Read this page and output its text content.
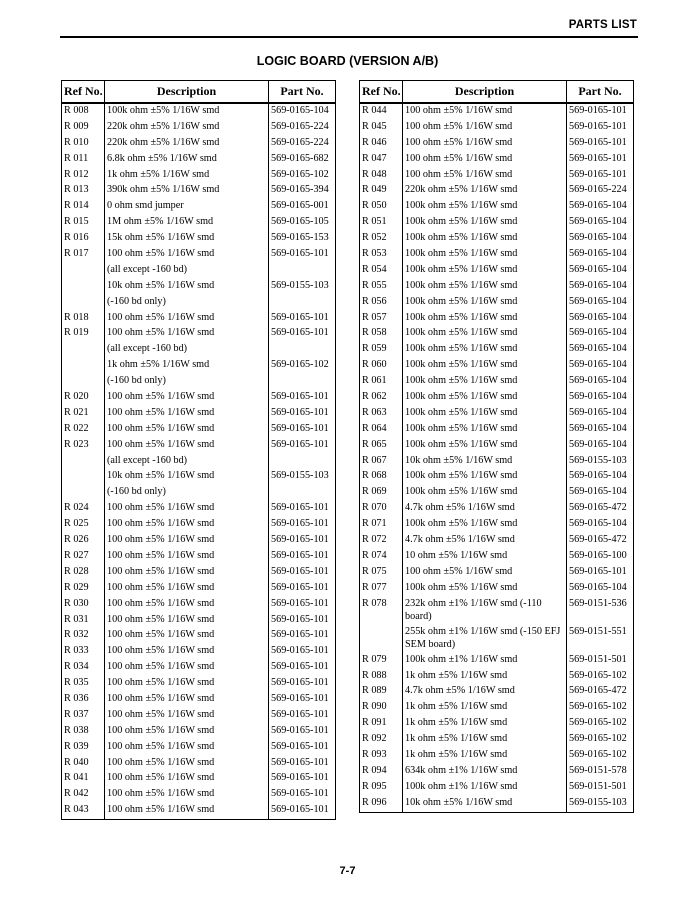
PARTS LIST
LOGIC BOARD (VERSION A/B)
Ref No.	Description	Part No.
R 008	100k ohm ±5% 1/16W smd	569-0165-104
R 009	220k ohm ±5% 1/16W smd	569-0165-224
R 010	220k ohm ±5% 1/16W smd	569-0165-224
R 011	6.8k ohm ±5% 1/16W smd	569-0165-682
R 012	1k ohm ±5% 1/16W smd	569-0165-102
R 013	390k ohm ±5% 1/16W smd	569-0165-394
R 014	0 ohm smd jumper	569-0165-001
R 015	1M ohm ±5% 1/16W smd	569-0165-105
R 016	15k ohm ±5% 1/16W smd	569-0165-153
R 017	100 ohm ±5% 1/16W smd	569-0165-101
	(all except -160 bd)	
	10k ohm ±5% 1/16W smd	569-0155-103
	(-160 bd only)	
R 018	100 ohm ±5% 1/16W smd	569-0165-101
R 019	100 ohm ±5% 1/16W smd	569-0165-101
	(all except -160 bd)	
	1k ohm ±5% 1/16W smd	569-0165-102
	(-160 bd only)	
R 020	100 ohm ±5% 1/16W smd	569-0165-101
R 021	100 ohm ±5% 1/16W smd	569-0165-101
R 022	100 ohm ±5% 1/16W smd	569-0165-101
R 023	100 ohm ±5% 1/16W smd	569-0165-101
	(all except -160 bd)	
	10k ohm ±5% 1/16W smd	569-0155-103
	(-160 bd only)	
R 024	100 ohm ±5% 1/16W smd	569-0165-101
R 025	100 ohm ±5% 1/16W smd	569-0165-101
R 026	100 ohm ±5% 1/16W smd	569-0165-101
R 027	100 ohm ±5% 1/16W smd	569-0165-101
R 028	100 ohm ±5% 1/16W smd	569-0165-101
R 029	100 ohm ±5% 1/16W smd	569-0165-101
R 030	100 ohm ±5% 1/16W smd	569-0165-101
R 031	100 ohm ±5% 1/16W smd	569-0165-101
R 032	100 ohm ±5% 1/16W smd	569-0165-101
R 033	100 ohm ±5% 1/16W smd	569-0165-101
R 034	100 ohm ±5% 1/16W smd	569-0165-101
R 035	100 ohm ±5% 1/16W smd	569-0165-101
R 036	100 ohm ±5% 1/16W smd	569-0165-101
R 037	100 ohm ±5% 1/16W smd	569-0165-101
R 038	100 ohm ±5% 1/16W smd	569-0165-101
R 039	100 ohm ±5% 1/16W smd	569-0165-101
R 040	100 ohm ±5% 1/16W smd	569-0165-101
R 041	100 ohm ±5% 1/16W smd	569-0165-101
R 042	100 ohm ±5% 1/16W smd	569-0165-101
R 043	100 ohm ±5% 1/16W smd	569-0165-101
Ref No.	Description	Part No.
R 044	100 ohm ±5% 1/16W smd	569-0165-101
R 045	100 ohm ±5% 1/16W smd	569-0165-101
R 046	100 ohm ±5% 1/16W smd	569-0165-101
R 047	100 ohm ±5% 1/16W smd	569-0165-101
R 048	100 ohm ±5% 1/16W smd	569-0165-101
R 049	220k ohm ±5% 1/16W smd	569-0165-224
R 050	100k ohm ±5% 1/16W smd	569-0165-104
R 051	100k ohm ±5% 1/16W smd	569-0165-104
R 052	100k ohm ±5% 1/16W smd	569-0165-104
R 053	100k ohm ±5% 1/16W smd	569-0165-104
R 054	100k ohm ±5% 1/16W smd	569-0165-104
R 055	100k ohm ±5% 1/16W smd	569-0165-104
R 056	100k ohm ±5% 1/16W smd	569-0165-104
R 057	100k ohm ±5% 1/16W smd	569-0165-104
R 058	100k ohm ±5% 1/16W smd	569-0165-104
R 059	100k ohm ±5% 1/16W smd	569-0165-104
R 060	100k ohm ±5% 1/16W smd	569-0165-104
R 061	100k ohm ±5% 1/16W smd	569-0165-104
R 062	100k ohm ±5% 1/16W smd	569-0165-104
R 063	100k ohm ±5% 1/16W smd	569-0165-104
R 064	100k ohm ±5% 1/16W smd	569-0165-104
R 065	100k ohm ±5% 1/16W smd	569-0165-104
R 067	10k ohm ±5% 1/16W smd	569-0155-103
R 068	100k ohm ±5% 1/16W smd	569-0165-104
R 069	100k ohm ±5% 1/16W smd	569-0165-104
R 070	4.7k ohm ±5% 1/16W smd	569-0165-472
R 071	100k ohm ±5% 1/16W smd	569-0165-104
R 072	4.7k ohm ±5% 1/16W smd	569-0165-472
R 074	10 ohm ±5% 1/16W smd	569-0165-100
R 075	100 ohm ±5% 1/16W smd	569-0165-101
R 077	100k ohm ±5% 1/16W smd	569-0165-104
R 078	232k ohm ±1% 1/16W smd (-110 board)	569-0151-536
	255k ohm ±1% 1/16W smd (-150 EFJ SEM board)	569-0151-551
R 079	100k ohm ±1% 1/16W smd	569-0151-501
R 088	1k ohm ±5% 1/16W smd	569-0165-102
R 089	4.7k ohm ±5% 1/16W smd	569-0165-472
R 090	1k ohm ±5% 1/16W smd	569-0165-102
R 091	1k ohm ±5% 1/16W smd	569-0165-102
R 092	1k ohm ±5% 1/16W smd	569-0165-102
R 093	1k ohm ±5% 1/16W smd	569-0165-102
R 094	634k ohm ±1% 1/16W smd	569-0151-578
R 095	100k ohm ±1% 1/16W smd	569-0151-501
R 096	10k ohm ±5% 1/16W smd	569-0155-103
7-7
